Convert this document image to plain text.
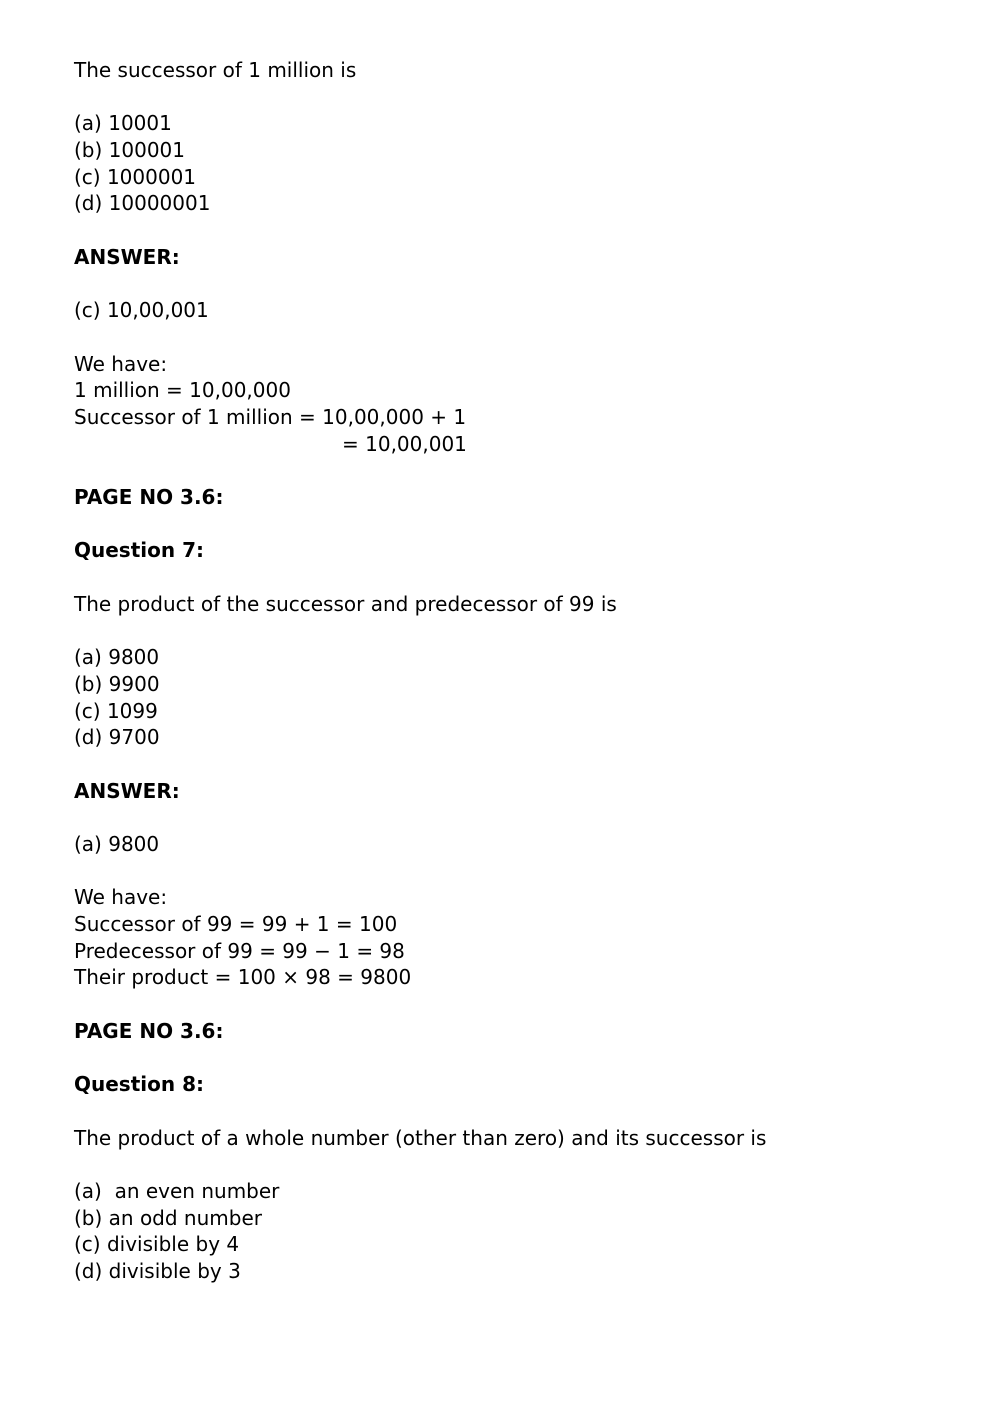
The successor of 1 million is
(a) 10001
(b) 100001
(c) 1000001
(d) 10000001
ANSWER:
(c) 10,00,001
We have:
1 million = 10,00,000
Successor of 1 million = 10,00,000 + 1
= 10,00,001
PAGE NO 3.6:
Question 7:
The product of the successor and predecessor of 99 is
(a) 9800
(b) 9900
(c) 1099
(d) 9700
ANSWER:
(a) 9800
We have:
Successor of 99 = 99 + 1 = 100
Predecessor of 99 = 99 − 1 = 98
Their product = 100 × 98 = 9800
PAGE NO 3.6:
Question 8:
The product of a whole number (other than zero) and its successor is
(a)  an even number
(b) an odd number
(c) divisible by 4
(d) divisible by 3
